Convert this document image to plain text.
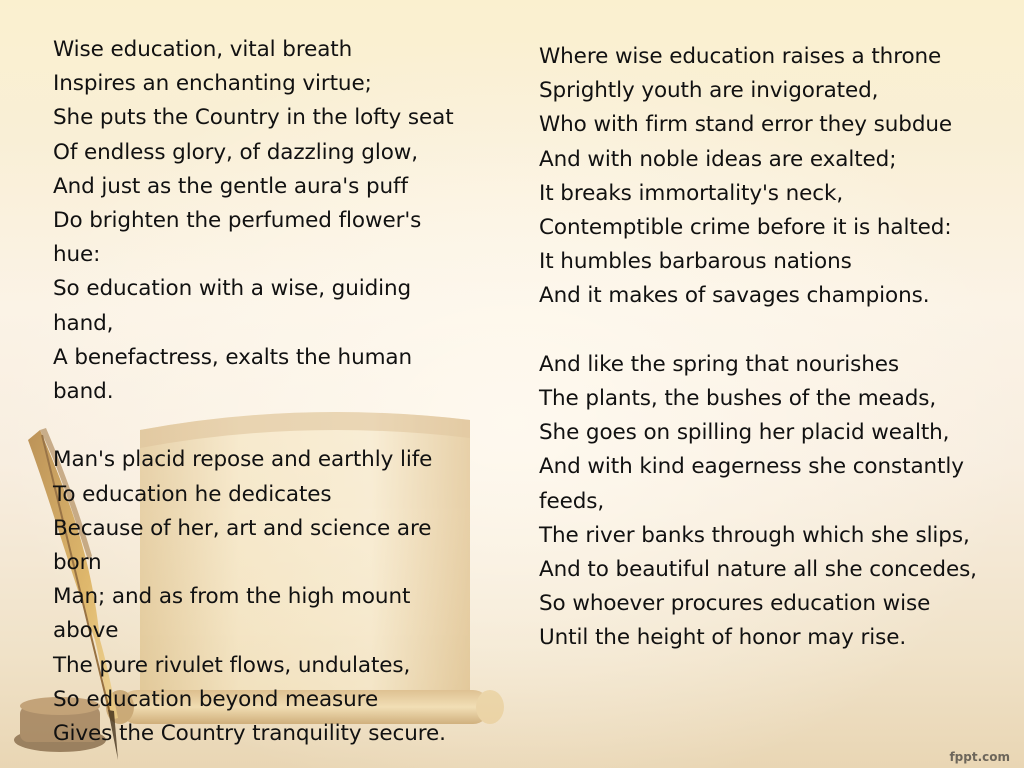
Wise education, vital breath
Inspires an enchanting virtue;
She puts the Country in the lofty seat
Of endless glory, of dazzling glow,
And just as the gentle aura's puff
Do brighten the perfumed flower's
hue:
So education with a wise, guiding
hand,
A benefactress, exalts the human
band.
Man's placid repose and earthly life
To education he dedicates
Because of her, art and science are
born
Man; and as from the high mount
above
The pure rivulet flows, undulates,
So education beyond measure
Gives the Country tranquility secure.
Where wise education raises a throne
Sprightly youth are invigorated,
Who with firm stand error they subdue
And with noble ideas are exalted;
It breaks immortality's neck,
Contemptible crime before it is halted:
It humbles barbarous nations
And it makes of savages champions.
And like the spring that nourishes
The plants, the bushes of the meads,
She goes on spilling her placid wealth,
And with kind eagerness she constantly
feeds,
The river banks through which she slips,
And to beautiful nature all she concedes,
So whoever procures education wise
Until the height of honor may rise.
fppt.com
